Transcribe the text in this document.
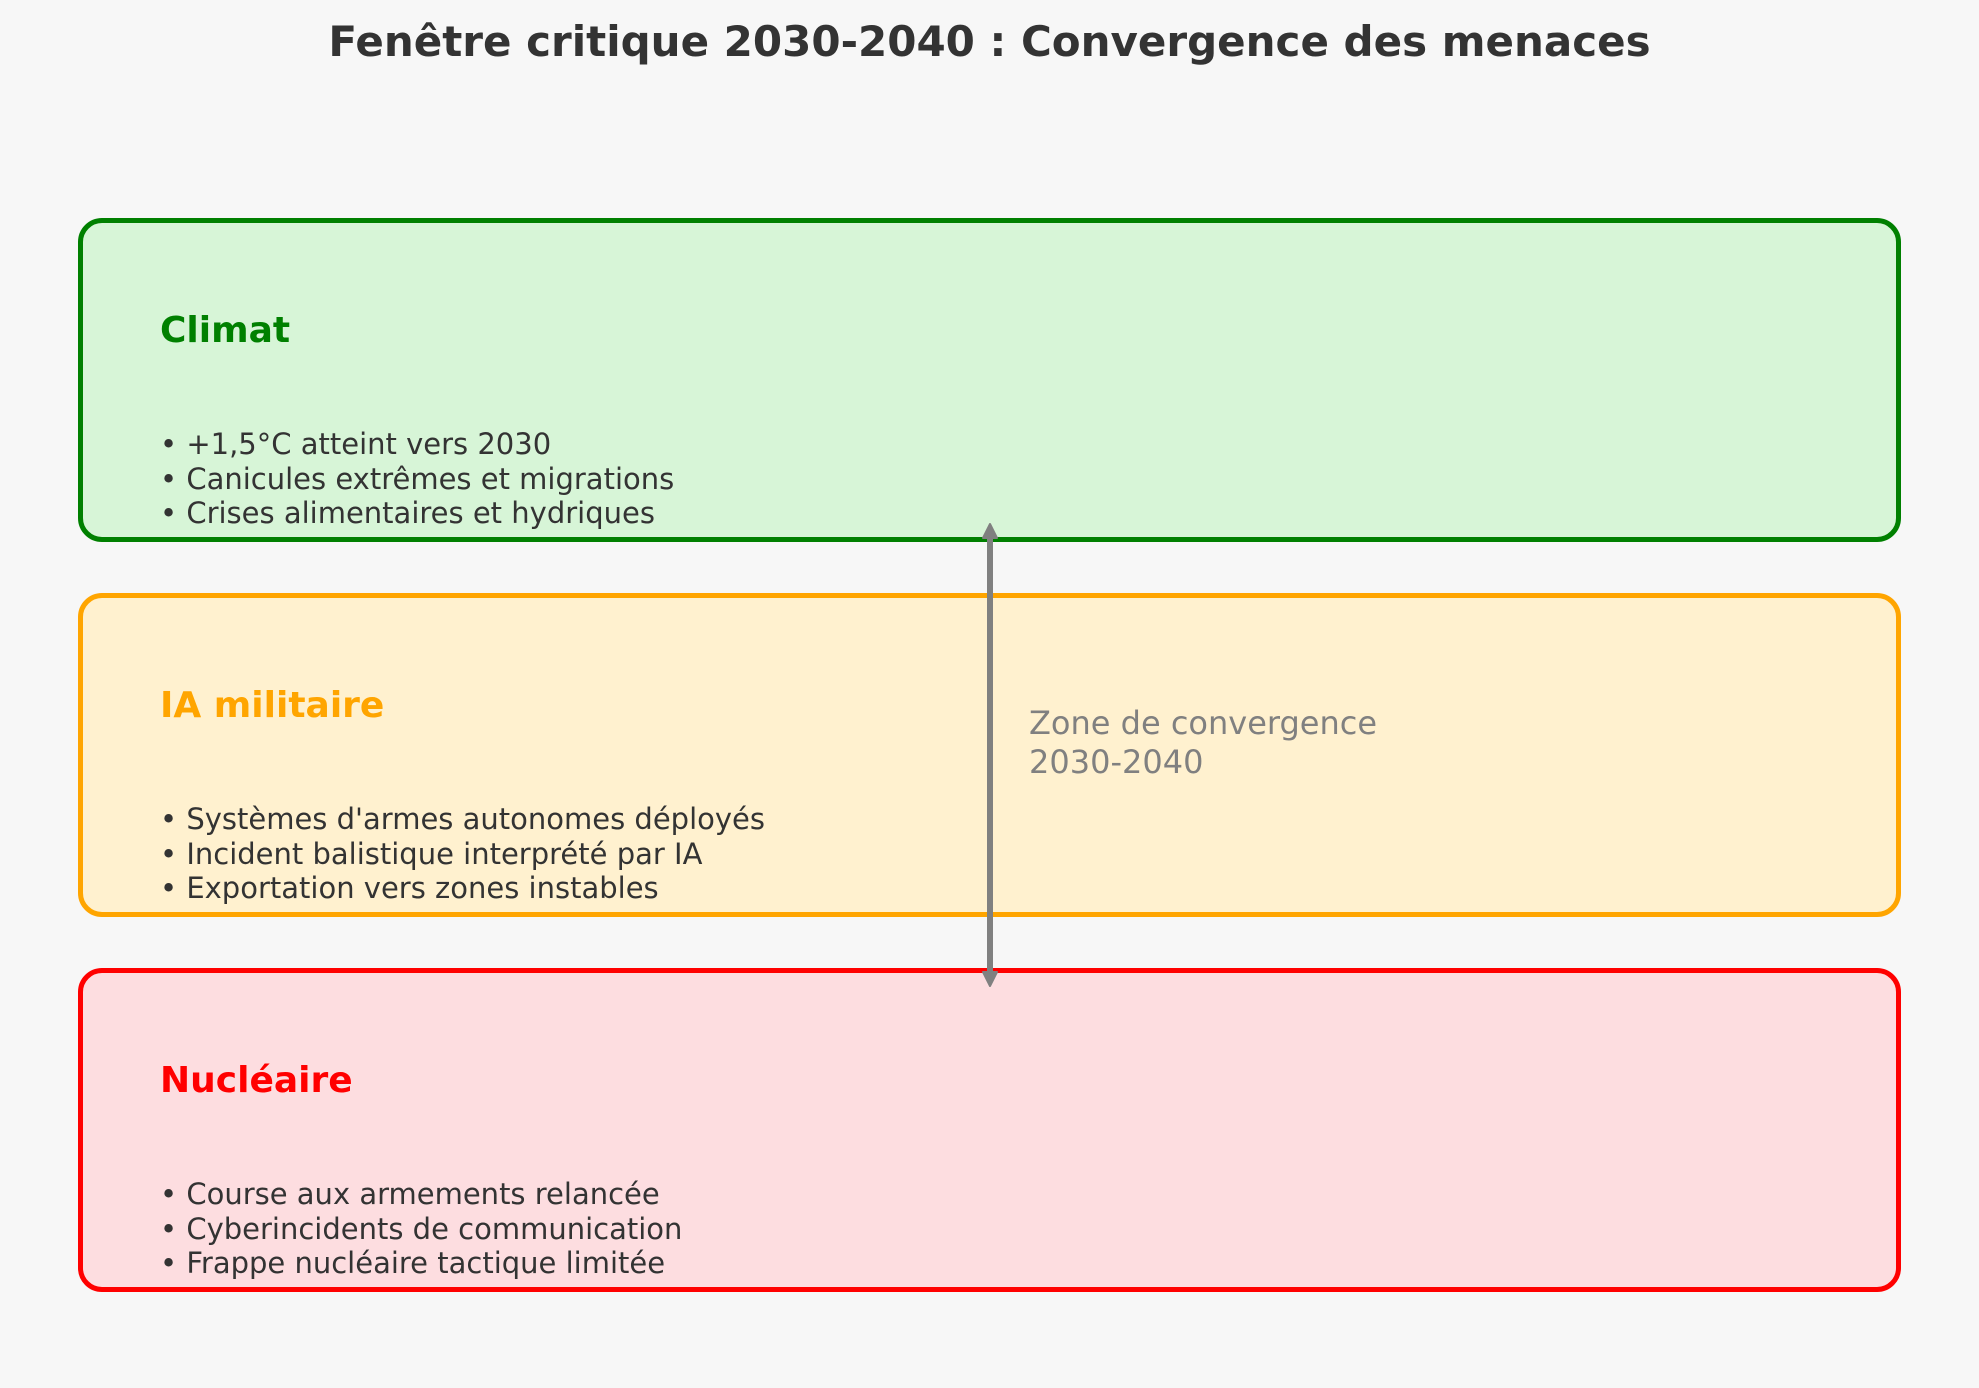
Fenêtre critique 2030-2040 : Convergence des menaces
Climat
• +1,5°C atteint vers 2030
• Canicules extrêmes et migrations
• Crises alimentaires et hydriques
IA militaire
• Systèmes d'armes autonomes déployés
• Incident balistique interprété par IA
• Exportation vers zones instables
Nucléaire
• Course aux armements relancée
• Cyberincidents de communication
• Frappe nucléaire tactique limitée
Zone de convergence
2030-2040
